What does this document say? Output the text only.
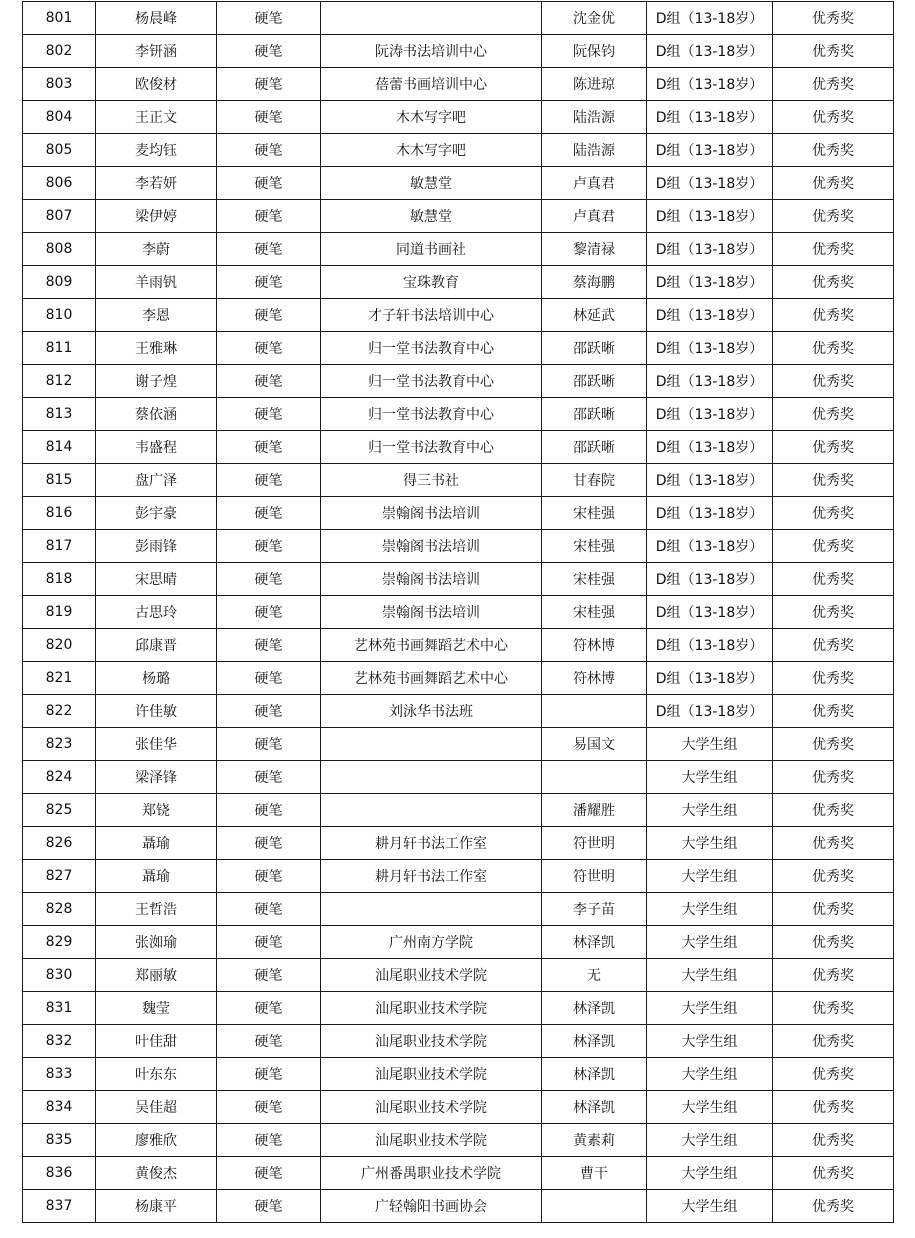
801	杨晨峰	硬笔		沈金优	D组（13-18岁）	优秀奖
802	李钘涵	硬笔	阮涛书法培训中心	阮保钧	D组（13-18岁）	优秀奖
803	欧俊材	硬笔	蓓蕾书画培训中心	陈进琼	D组（13-18岁）	优秀奖
804	王正文	硬笔	木木写字吧	陆浩源	D组（13-18岁）	优秀奖
805	麦均钰	硬笔	木木写字吧	陆浩源	D组（13-18岁）	优秀奖
806	李若妍	硬笔	敏慧堂	卢真君	D组（13-18岁）	优秀奖
807	梁伊婷	硬笔	敏慧堂	卢真君	D组（13-18岁）	优秀奖
808	李蔚	硬笔	同道书画社	黎清禄	D组（13-18岁）	优秀奖
809	羊雨钒	硬笔	宝珠教育	蔡海鹏	D组（13-18岁）	优秀奖
810	李恩	硬笔	才子轩书法培训中心	林延武	D组（13-18岁）	优秀奖
811	王雅琳	硬笔	归一堂书法教育中心	邵跃晰	D组（13-18岁）	优秀奖
812	谢子煌	硬笔	归一堂书法教育中心	邵跃晰	D组（13-18岁）	优秀奖
813	蔡依涵	硬笔	归一堂书法教育中心	邵跃晰	D组（13-18岁）	优秀奖
814	韦盛程	硬笔	归一堂书法教育中心	邵跃晰	D组（13-18岁）	优秀奖
815	盘广泽	硬笔	得三书社	甘春院	D组（13-18岁）	优秀奖
816	彭宇豪	硬笔	崇翰阁书法培训	宋桂强	D组（13-18岁）	优秀奖
817	彭雨锋	硬笔	崇翰阁书法培训	宋桂强	D组（13-18岁）	优秀奖
818	宋思晴	硬笔	崇翰阁书法培训	宋桂强	D组（13-18岁）	优秀奖
819	古思玲	硬笔	崇翰阁书法培训	宋桂强	D组（13-18岁）	优秀奖
820	邱康晋	硬笔	艺林苑书画舞蹈艺术中心	符林博	D组（13-18岁）	优秀奖
821	杨璐	硬笔	艺林苑书画舞蹈艺术中心	符林博	D组（13-18岁）	优秀奖
822	许佳敏	硬笔	刘泳华书法班		D组（13-18岁）	优秀奖
823	张佳华	硬笔		易国文	大学生组	优秀奖
824	梁泽锋	硬笔			大学生组	优秀奖
825	郑铙	硬笔		潘耀胜	大学生组	优秀奖
826	聶瑜	硬笔	耕月轩书法工作室	符世明	大学生组	优秀奖
827	聶瑜	硬笔	耕月轩书法工作室	符世明	大学生组	优秀奖
828	王哲浩	硬笔		李子苗	大学生组	优秀奖
829	张洳瑜	硬笔	广州南方学院	林泽凯	大学生组	优秀奖
830	郑丽敏	硬笔	汕尾职业技术学院	无	大学生组	优秀奖
831	魏莹	硬笔	汕尾职业技术学院	林泽凯	大学生组	优秀奖
832	叶佳甜	硬笔	汕尾职业技术学院	林泽凯	大学生组	优秀奖
833	叶东东	硬笔	汕尾职业技术学院	林泽凯	大学生组	优秀奖
834	吴佳超	硬笔	汕尾职业技术学院	林泽凯	大学生组	优秀奖
835	廖雅欣	硬笔	汕尾职业技术学院	黄素莉	大学生组	优秀奖
836	黄俊杰	硬笔	广州番禺职业技术学院	曹干	大学生组	优秀奖
837	杨康平	硬笔	广轻翰阳书画协会		大学生组	优秀奖
